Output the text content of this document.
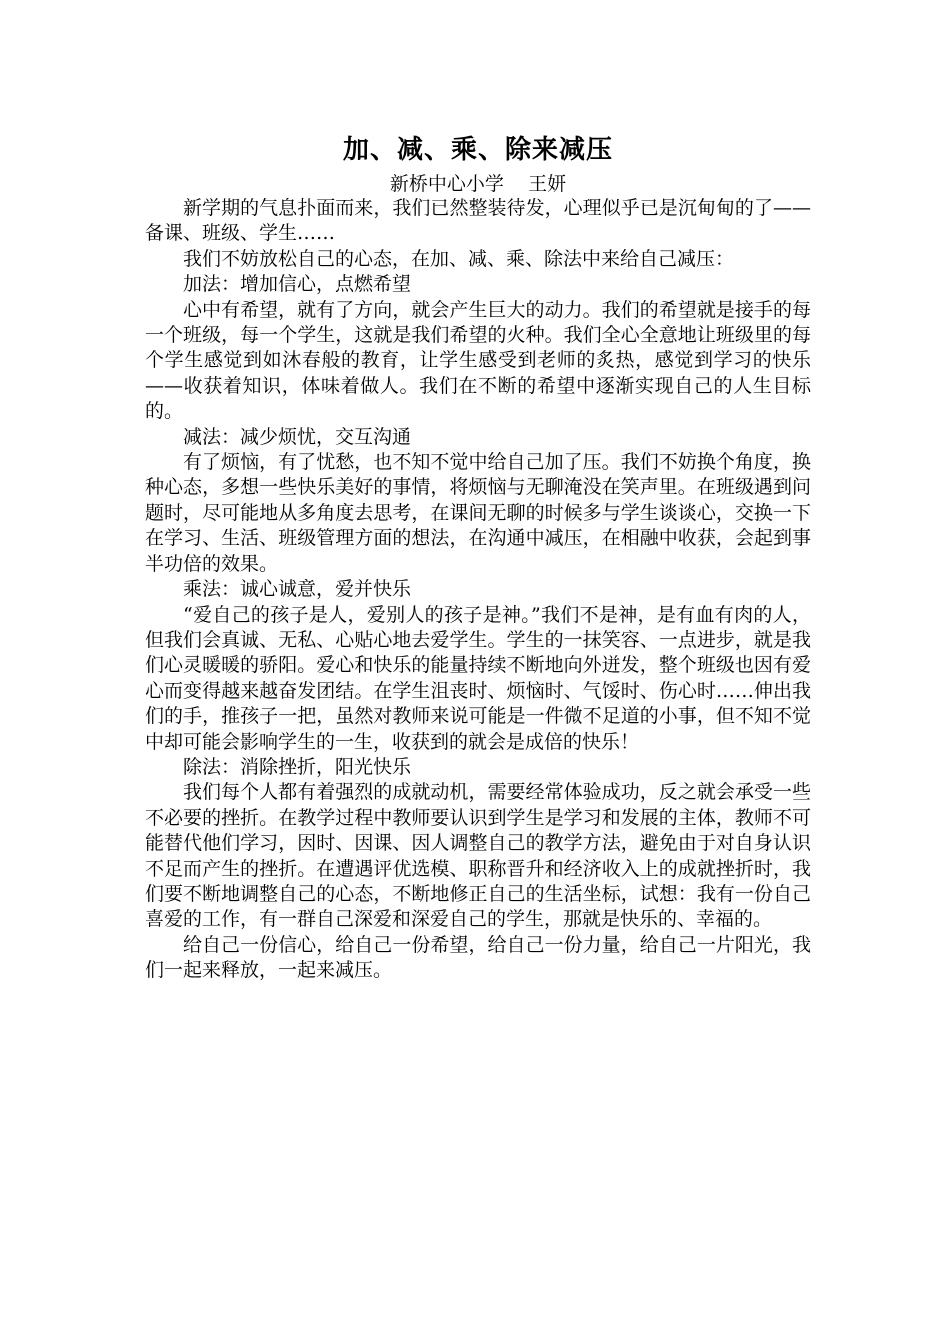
加、减、乘、除来减压
新桥中心小学    王妍

新学期的气息扑面而来，我们已然整装待发，心理似乎已是沉甸甸的了——备课、班级、学生……

我们不妨放松自己的心态，在加、减、乘、除法中来给自己减压：

加法：增加信心，点燃希望

心中有希望，就有了方向，就会产生巨大的动力。我们的希望就是接手的每一个班级，每一个学生，这就是我们希望的火种。我们全心全意地让班级里的每个学生感觉到如沐春般的教育，让学生感受到老师的炙热，感觉到学习的快乐——收获着知识，体味着做人。我们在不断的希望中逐渐实现自己的人生目标的。

减法：减少烦忧，交互沟通

有了烦恼，有了忧愁，也不知不觉中给自己加了压。我们不妨换个角度，换种心态，多想一些快乐美好的事情，将烦恼与无聊淹没在笑声里。在班级遇到问题时，尽可能地从多角度去思考，在课间无聊的时候多与学生谈谈心，交换一下在学习、生活、班级管理方面的想法，在沟通中减压，在相融中收获，会起到事半功倍的效果。

乘法：诚心诚意，爱并快乐

“爱自己的孩子是人，爱别人的孩子是神。”我们不是神，是有血有肉的人，但我们会真诚、无私、心贴心地去爱学生。学生的一抹笑容、一点进步，就是我们心灵暖暖的骄阳。爱心和快乐的能量持续不断地向外迸发，整个班级也因有爱心而变得越来越奋发团结。在学生沮丧时、烦恼时、气馁时、伤心时……伸出我们的手，推孩子一把，虽然对教师来说可能是一件微不足道的小事，但不知不觉中却可能会影响学生的一生，收获到的就会是成倍的快乐！

除法：消除挫折，阳光快乐

我们每个人都有着强烈的成就动机，需要经常体验成功，反之就会承受一些不必要的挫折。在教学过程中教师要认识到学生是学习和发展的主体，教师不可能替代他们学习，因时、因课、因人调整自己的教学方法，避免由于对自身认识不足而产生的挫折。在遭遇评优选模、职称晋升和经济收入上的成就挫折时，我们要不断地调整自己的心态，不断地修正自己的生活坐标，试想：我有一份自己喜爱的工作，有一群自己深爱和深爱自己的学生，那就是快乐的、幸福的。

给自己一份信心，给自己一份希望，给自己一份力量，给自己一片阳光，我们一起来释放，一起来减压。
